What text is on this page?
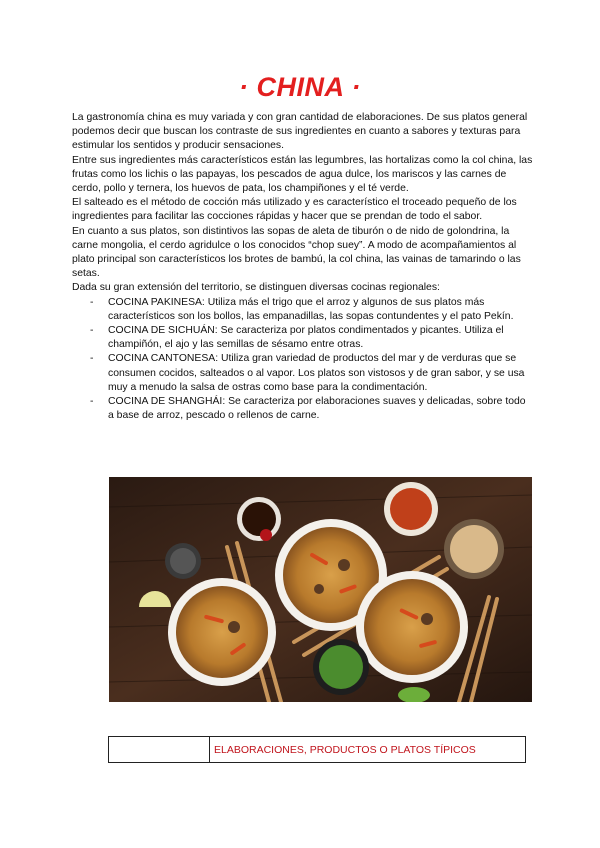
· CHINA ·

La gastronomía china es muy variada y con gran cantidad de elaboraciones. De sus platos general podemos decir que buscan los contraste de sus ingredientes en cuanto a sabores y texturas para estimular los sentidos y producir sensaciones.

Entre sus ingredientes más característicos están las legumbres, las hortalizas como la col china, las frutas como los lichis o las papayas, los pescados de agua dulce, los mariscos y las carnes de cerdo, pollo y ternera, los huevos de pata, los champiñones y el té verde.

El salteado es el método de cocción más utilizado y es característico el troceado pequeño de los ingredientes para facilitar las cocciones rápidas y hacer que se prendan de todo el sabor.

En cuanto a sus platos, son distintivos las sopas de aleta de tiburón o de nido de golondrina, la carne mongolia, el cerdo agridulce o los conocidos “chop suey”. A modo de acompañamientos al plato principal son característicos los brotes de bambú, la col china, las vainas de tamarindo o las setas.

Dada su gran extensión del territorio, se distinguen diversas cocinas regionales:

- COCINA PAKINESA: Utiliza más el trigo que el arroz y algunos de sus platos más característicos son los bollos, las empanadillas, las sopas contundentes y el pato Pekín.
- COCINA DE SICHUÁN: Se caracteriza por platos condimentados y picantes. Utiliza el champiñón, el ajo y las semillas de sésamo entre otras.
- COCINA CANTONESA: Utiliza gran variedad de productos del mar y de verduras que se consumen cocidos, salteados o al vapor. Los platos son vistosos y de gran sabor, y se usa muy a menudo la salsa de ostras como base para la condimentación.
- COCINA DE SHANGHÁI: Se caracteriza por elaboraciones suaves y delicadas, sobre todo a base de arroz, pescado o rellenos de carne.
	ELABORACIONES, PRODUCTOS O PLATOS TÍPICOS
